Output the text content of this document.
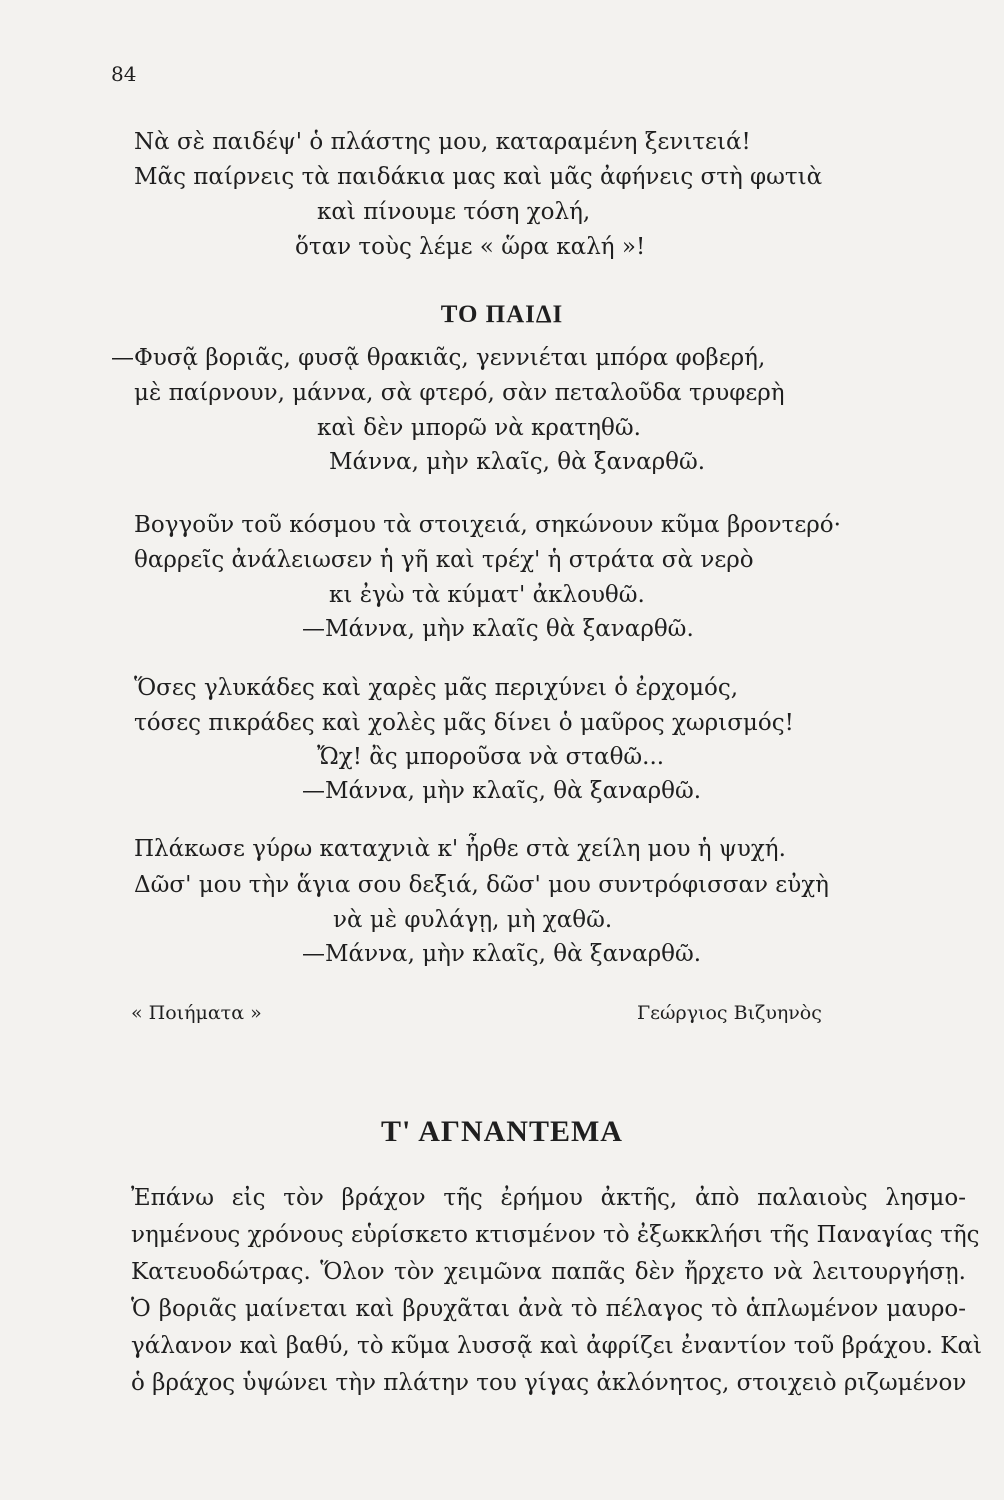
84
Νὰ σὲ παιδέψ' ὁ πλάστης μου, καταραμένη ξενιτειά!
Μᾶς παίρνεις τὰ παιδάκια μας καὶ μᾶς ἀφήνεις στὴ φωτιὰ
καὶ πίνουμε τόση χολή,
ὅταν τοὺς λέμε « ὥρα καλή »!
ΤΟ ΠΑΙΔΙ
—Φυσᾷ βοριᾶς, φυσᾷ θρακιᾶς, γεννιέται μπόρα φοβερή,
μὲ παίρνουν, μάννα, σὰ φτερό, σὰν πεταλοῦδα τρυφερὴ
καὶ δὲν μπορῶ νὰ κρατηθῶ.
Μάννα, μὴν κλαῖς, θὰ ξαναρθῶ.
Βογγοῦν τοῦ κόσμου τὰ στοιχειά, σηκώνουν κῦμα βροντερό·
θαρρεῖς ἀνάλειωσεν ἡ γῆ καὶ τρέχ' ἡ στράτα σὰ νερὸ
κι ἐγὼ τὰ κύματ' ἀκλουθῶ.
—Μάννα, μὴν κλαῖς θὰ ξαναρθῶ.
Ὅσες γλυκάδες καὶ χαρὲς μᾶς περιχύνει ὁ ἐρχομός,
τόσες πικράδες καὶ χολὲς μᾶς δίνει ὁ μαῦρος χωρισμός!
Ὤχ! ἂς μποροῦσα νὰ σταθῶ...
—Μάννα, μὴν κλαῖς, θὰ ξαναρθῶ.
Πλάκωσε γύρω καταχνιὰ κ' ἦρθε στὰ χείλη μου ἡ ψυχή.
Δῶσ' μου τὴν ἅγια σου δεξιά, δῶσ' μου συντρόφισσαν εὐχὴ
νὰ μὲ φυλάγῃ, μὴ χαθῶ.
—Μάννα, μὴν κλαῖς, θὰ ξαναρθῶ.
« Ποιήματα »	Γεώργιος Βιζυηνὸς
Τ' ΑΓΝΑΝΤΕΜΑ
Ἐπάνω εἰς τὸν βράχον τῆς ἐρήμου ἀκτῆς, ἀπὸ παλαιοὺς λησμο-
νημένους χρόνους εὑρίσκετο κτισμένον τὸ ἐξωκκλήσι τῆς Παναγίας τῆς
Κατευοδώτρας. Ὅλον τὸν χειμῶνα παπᾶς δὲν ἤρχετο νὰ λειτουργήσῃ.
Ὁ βοριᾶς μαίνεται καὶ βρυχᾶται ἀνὰ τὸ πέλαγος τὸ ἁπλωμένον μαυρο-
γάλανον καὶ βαθύ, τὸ κῦμα λυσσᾷ καὶ ἀφρίζει ἐναντίον τοῦ βράχου. Καὶ
ὁ βράχος ὑψώνει τὴν πλάτην του γίγας ἀκλόνητος, στοιχειὸ ριζωμένον
